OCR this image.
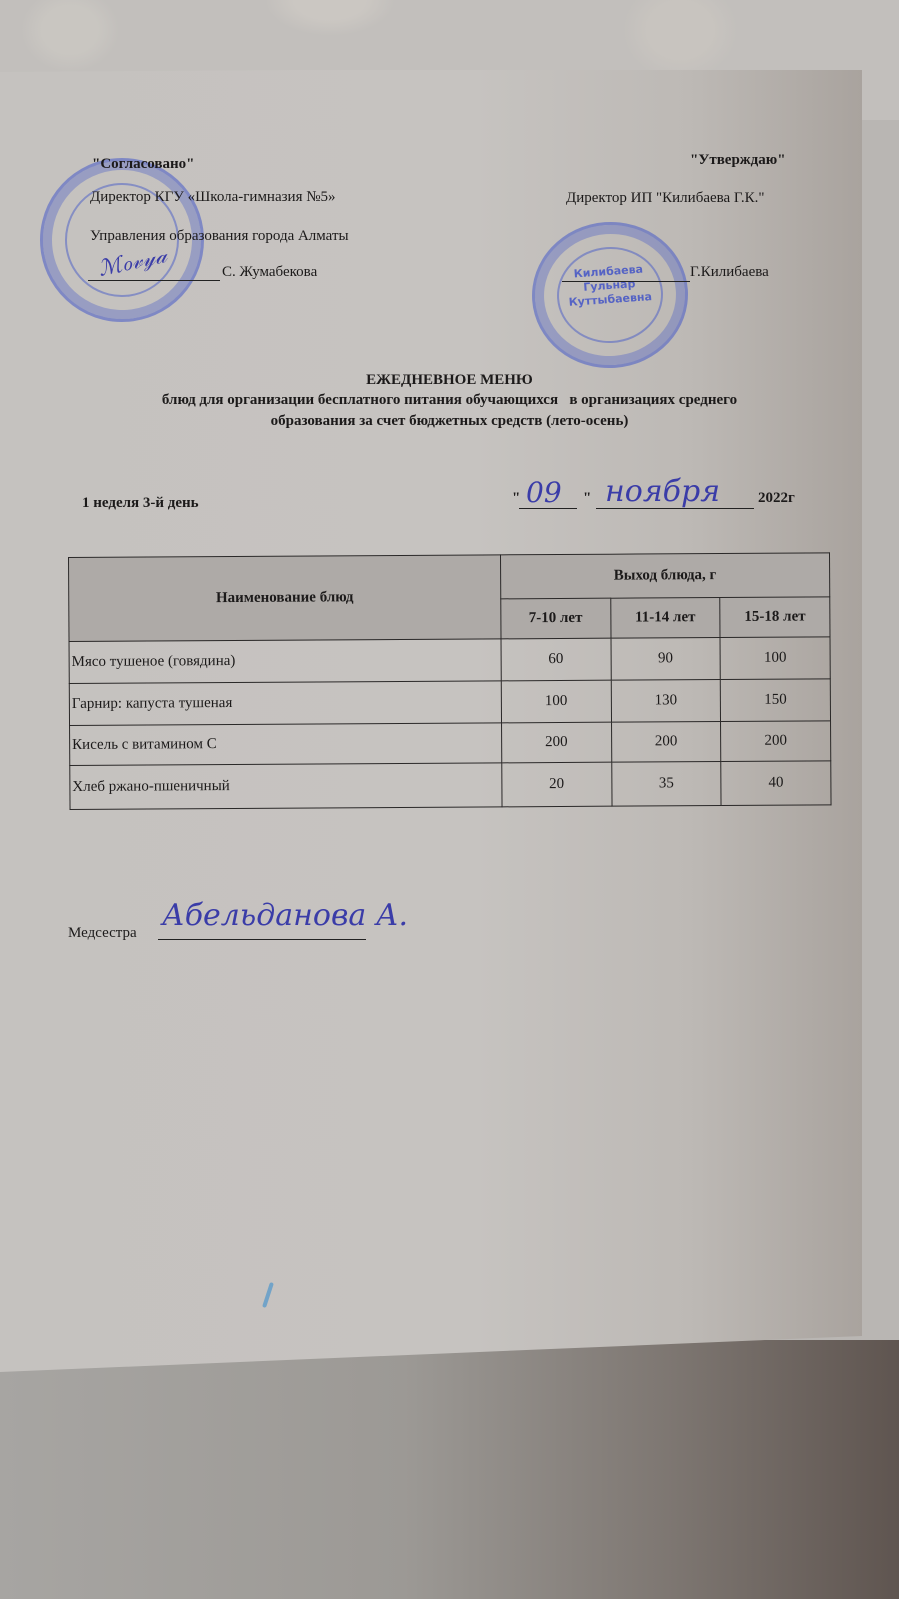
"Согласовано"
Директор КГУ «Школа-гимназия №5»
Управления образования города Алматы
ℳℴ𝓋𝓎𝒶	С. Жумабекова
"Утверждаю"
Директор ИП "Килибаева Г.К."
Килибаева
Гульнар
Куттыбаевна
Г.Килибаева
ЕЖЕДНЕВНОЕ МЕНЮ
блюд для организации бесплатного питания обучающихся   в организациях среднего
образования за счет бюджетных средств (лето-осень)
1 неделя 3-й день	" 09 " ноября	2022г
Наименование блюд	Выход блюда, г		
	7-10 лет	11-14 лет	15-18 лет
Мясо тушеное (говядина)	60	90	100
Гарнир: капуста тушеная	100	130	150
Кисель с витамином С	200	200	200
Хлеб ржано-пшеничный	20	35	40
Медсестра Абельданова А.
